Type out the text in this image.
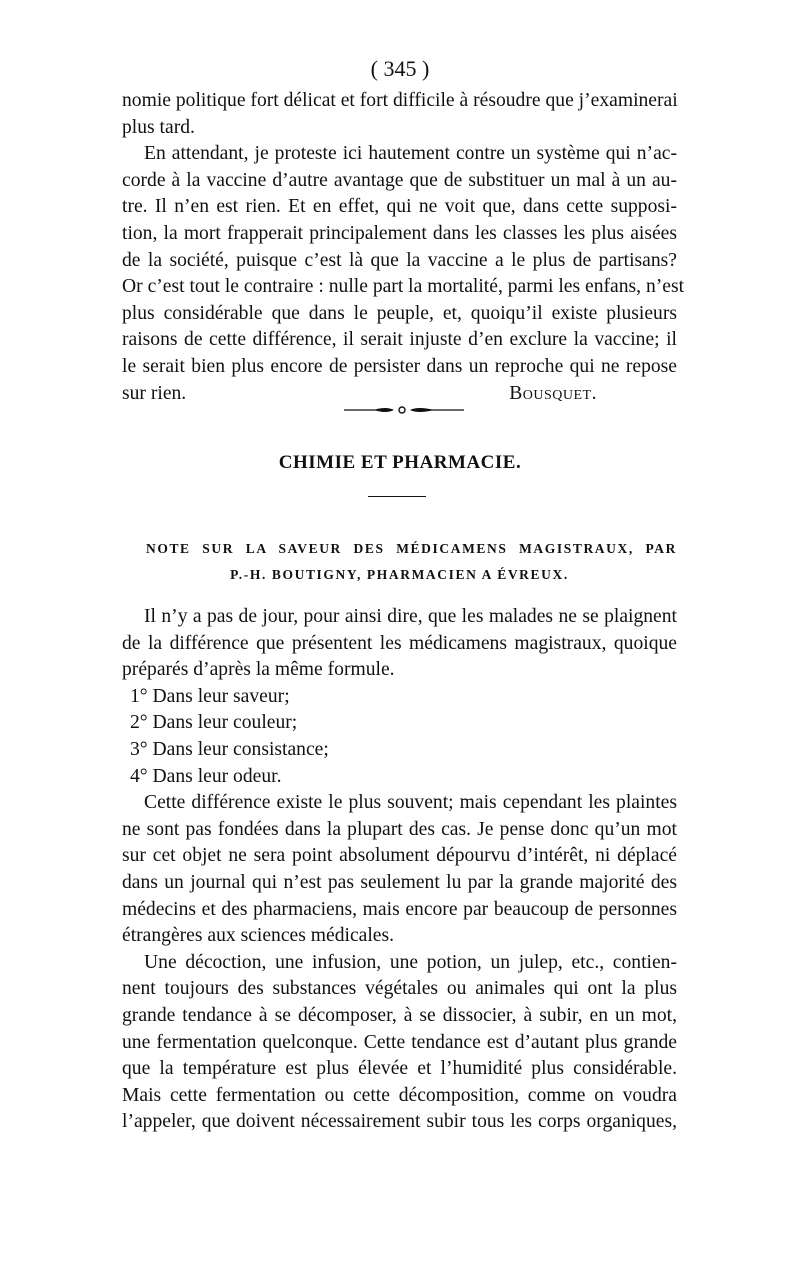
( 345 )

nomie politique fort délicat et fort difficile à résoudre que j’examinerai
plus tard.
En attendant, je proteste ici hautement contre un système qui n’ac-
corde à la vaccine d’autre avantage que de substituer un mal à un au-
tre. Il n’en est rien. Et en effet, qui ne voit que, dans cette supposi-
tion, la mort frapperait principalement dans les classes les plus aisées
de la société, puisque c’est là que la vaccine a le plus de partisans?
Or c’est tout le contraire : nulle part la mortalité, parmi les enfans, n’est
plus considérable que dans le peuple, et, quoiqu’il existe plusieurs
raisons de cette différence, il serait injuste d’en exclure la vaccine; il
le serait bien plus encore de persister dans un reproche qui ne repose
sur rien.	Bousquet.
CHIMIE ET PHARMACIE.
NOTE SUR LA SAVEUR DES MÉDICAMENS MAGISTRAUX, PAR
P.-H. BOUTIGNY, PHARMACIEN A ÉVREUX.
Il n’y a pas de jour, pour ainsi dire, que les malades ne se plaignent
de la différence que présentent les médicamens magistraux, quoique
préparés d’après la même formule.
1° Dans leur saveur;
2° Dans leur couleur;
3° Dans leur consistance;
4° Dans leur odeur.
Cette différence existe le plus souvent; mais cependant les plaintes
ne sont pas fondées dans la plupart des cas. Je pense donc qu’un mot
sur cet objet ne sera point absolument dépourvu d’intérêt, ni déplacé
dans un journal qui n’est pas seulement lu par la grande majorité des
médecins et des pharmaciens, mais encore par beaucoup de personnes
étrangères aux sciences médicales.
Une décoction, une infusion, une potion, un julep, etc., contien-
nent toujours des substances végétales ou animales qui ont la plus
grande tendance à se décomposer, à se dissocier, à subir, en un mot,
une fermentation quelconque. Cette tendance est d’autant plus grande
que la température est plus élevée et l’humidité plus considérable.
Mais cette fermentation ou cette décomposition, comme on voudra
l’appeler, que doivent nécessairement subir tous les corps organiques,
